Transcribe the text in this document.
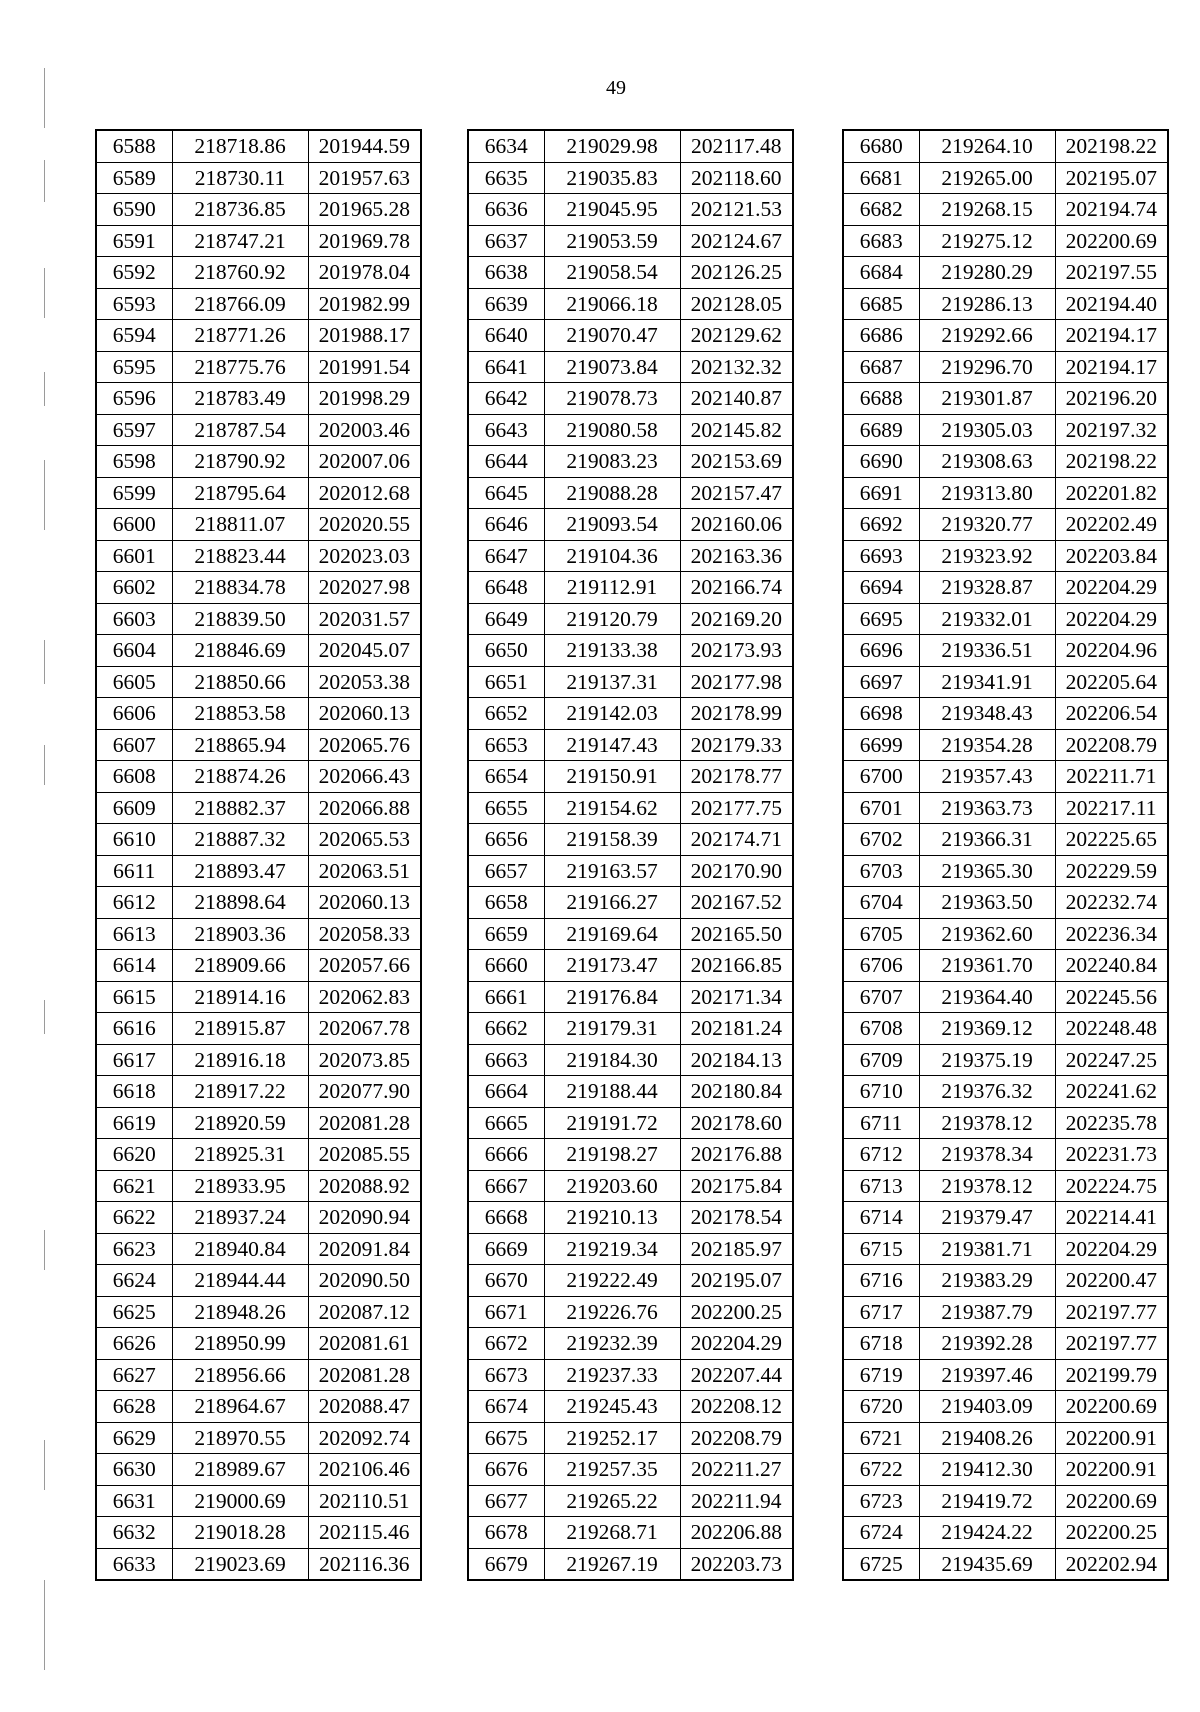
49
6588	218718.86	201944.59
6589	218730.11	201957.63
6590	218736.85	201965.28
6591	218747.21	201969.78
6592	218760.92	201978.04
6593	218766.09	201982.99
6594	218771.26	201988.17
6595	218775.76	201991.54
6596	218783.49	201998.29
6597	218787.54	202003.46
6598	218790.92	202007.06
6599	218795.64	202012.68
6600	218811.07	202020.55
6601	218823.44	202023.03
6602	218834.78	202027.98
6603	218839.50	202031.57
6604	218846.69	202045.07
6605	218850.66	202053.38
6606	218853.58	202060.13
6607	218865.94	202065.76
6608	218874.26	202066.43
6609	218882.37	202066.88
6610	218887.32	202065.53
6611	218893.47	202063.51
6612	218898.64	202060.13
6613	218903.36	202058.33
6614	218909.66	202057.66
6615	218914.16	202062.83
6616	218915.87	202067.78
6617	218916.18	202073.85
6618	218917.22	202077.90
6619	218920.59	202081.28
6620	218925.31	202085.55
6621	218933.95	202088.92
6622	218937.24	202090.94
6623	218940.84	202091.84
6624	218944.44	202090.50
6625	218948.26	202087.12
6626	218950.99	202081.61
6627	218956.66	202081.28
6628	218964.67	202088.47
6629	218970.55	202092.74
6630	218989.67	202106.46
6631	219000.69	202110.51
6632	219018.28	202115.46
6633	219023.69	202116.36
6634	219029.98	202117.48
6635	219035.83	202118.60
6636	219045.95	202121.53
6637	219053.59	202124.67
6638	219058.54	202126.25
6639	219066.18	202128.05
6640	219070.47	202129.62
6641	219073.84	202132.32
6642	219078.73	202140.87
6643	219080.58	202145.82
6644	219083.23	202153.69
6645	219088.28	202157.47
6646	219093.54	202160.06
6647	219104.36	202163.36
6648	219112.91	202166.74
6649	219120.79	202169.20
6650	219133.38	202173.93
6651	219137.31	202177.98
6652	219142.03	202178.99
6653	219147.43	202179.33
6654	219150.91	202178.77
6655	219154.62	202177.75
6656	219158.39	202174.71
6657	219163.57	202170.90
6658	219166.27	202167.52
6659	219169.64	202165.50
6660	219173.47	202166.85
6661	219176.84	202171.34
6662	219179.31	202181.24
6663	219184.30	202184.13
6664	219188.44	202180.84
6665	219191.72	202178.60
6666	219198.27	202176.88
6667	219203.60	202175.84
6668	219210.13	202178.54
6669	219219.34	202185.97
6670	219222.49	202195.07
6671	219226.76	202200.25
6672	219232.39	202204.29
6673	219237.33	202207.44
6674	219245.43	202208.12
6675	219252.17	202208.79
6676	219257.35	202211.27
6677	219265.22	202211.94
6678	219268.71	202206.88
6679	219267.19	202203.73
6680	219264.10	202198.22
6681	219265.00	202195.07
6682	219268.15	202194.74
6683	219275.12	202200.69
6684	219280.29	202197.55
6685	219286.13	202194.40
6686	219292.66	202194.17
6687	219296.70	202194.17
6688	219301.87	202196.20
6689	219305.03	202197.32
6690	219308.63	202198.22
6691	219313.80	202201.82
6692	219320.77	202202.49
6693	219323.92	202203.84
6694	219328.87	202204.29
6695	219332.01	202204.29
6696	219336.51	202204.96
6697	219341.91	202205.64
6698	219348.43	202206.54
6699	219354.28	202208.79
6700	219357.43	202211.71
6701	219363.73	202217.11
6702	219366.31	202225.65
6703	219365.30	202229.59
6704	219363.50	202232.74
6705	219362.60	202236.34
6706	219361.70	202240.84
6707	219364.40	202245.56
6708	219369.12	202248.48
6709	219375.19	202247.25
6710	219376.32	202241.62
6711	219378.12	202235.78
6712	219378.34	202231.73
6713	219378.12	202224.75
6714	219379.47	202214.41
6715	219381.71	202204.29
6716	219383.29	202200.47
6717	219387.79	202197.77
6718	219392.28	202197.77
6719	219397.46	202199.79
6720	219403.09	202200.69
6721	219408.26	202200.91
6722	219412.30	202200.91
6723	219419.72	202200.69
6724	219424.22	202200.25
6725	219435.69	202202.94
